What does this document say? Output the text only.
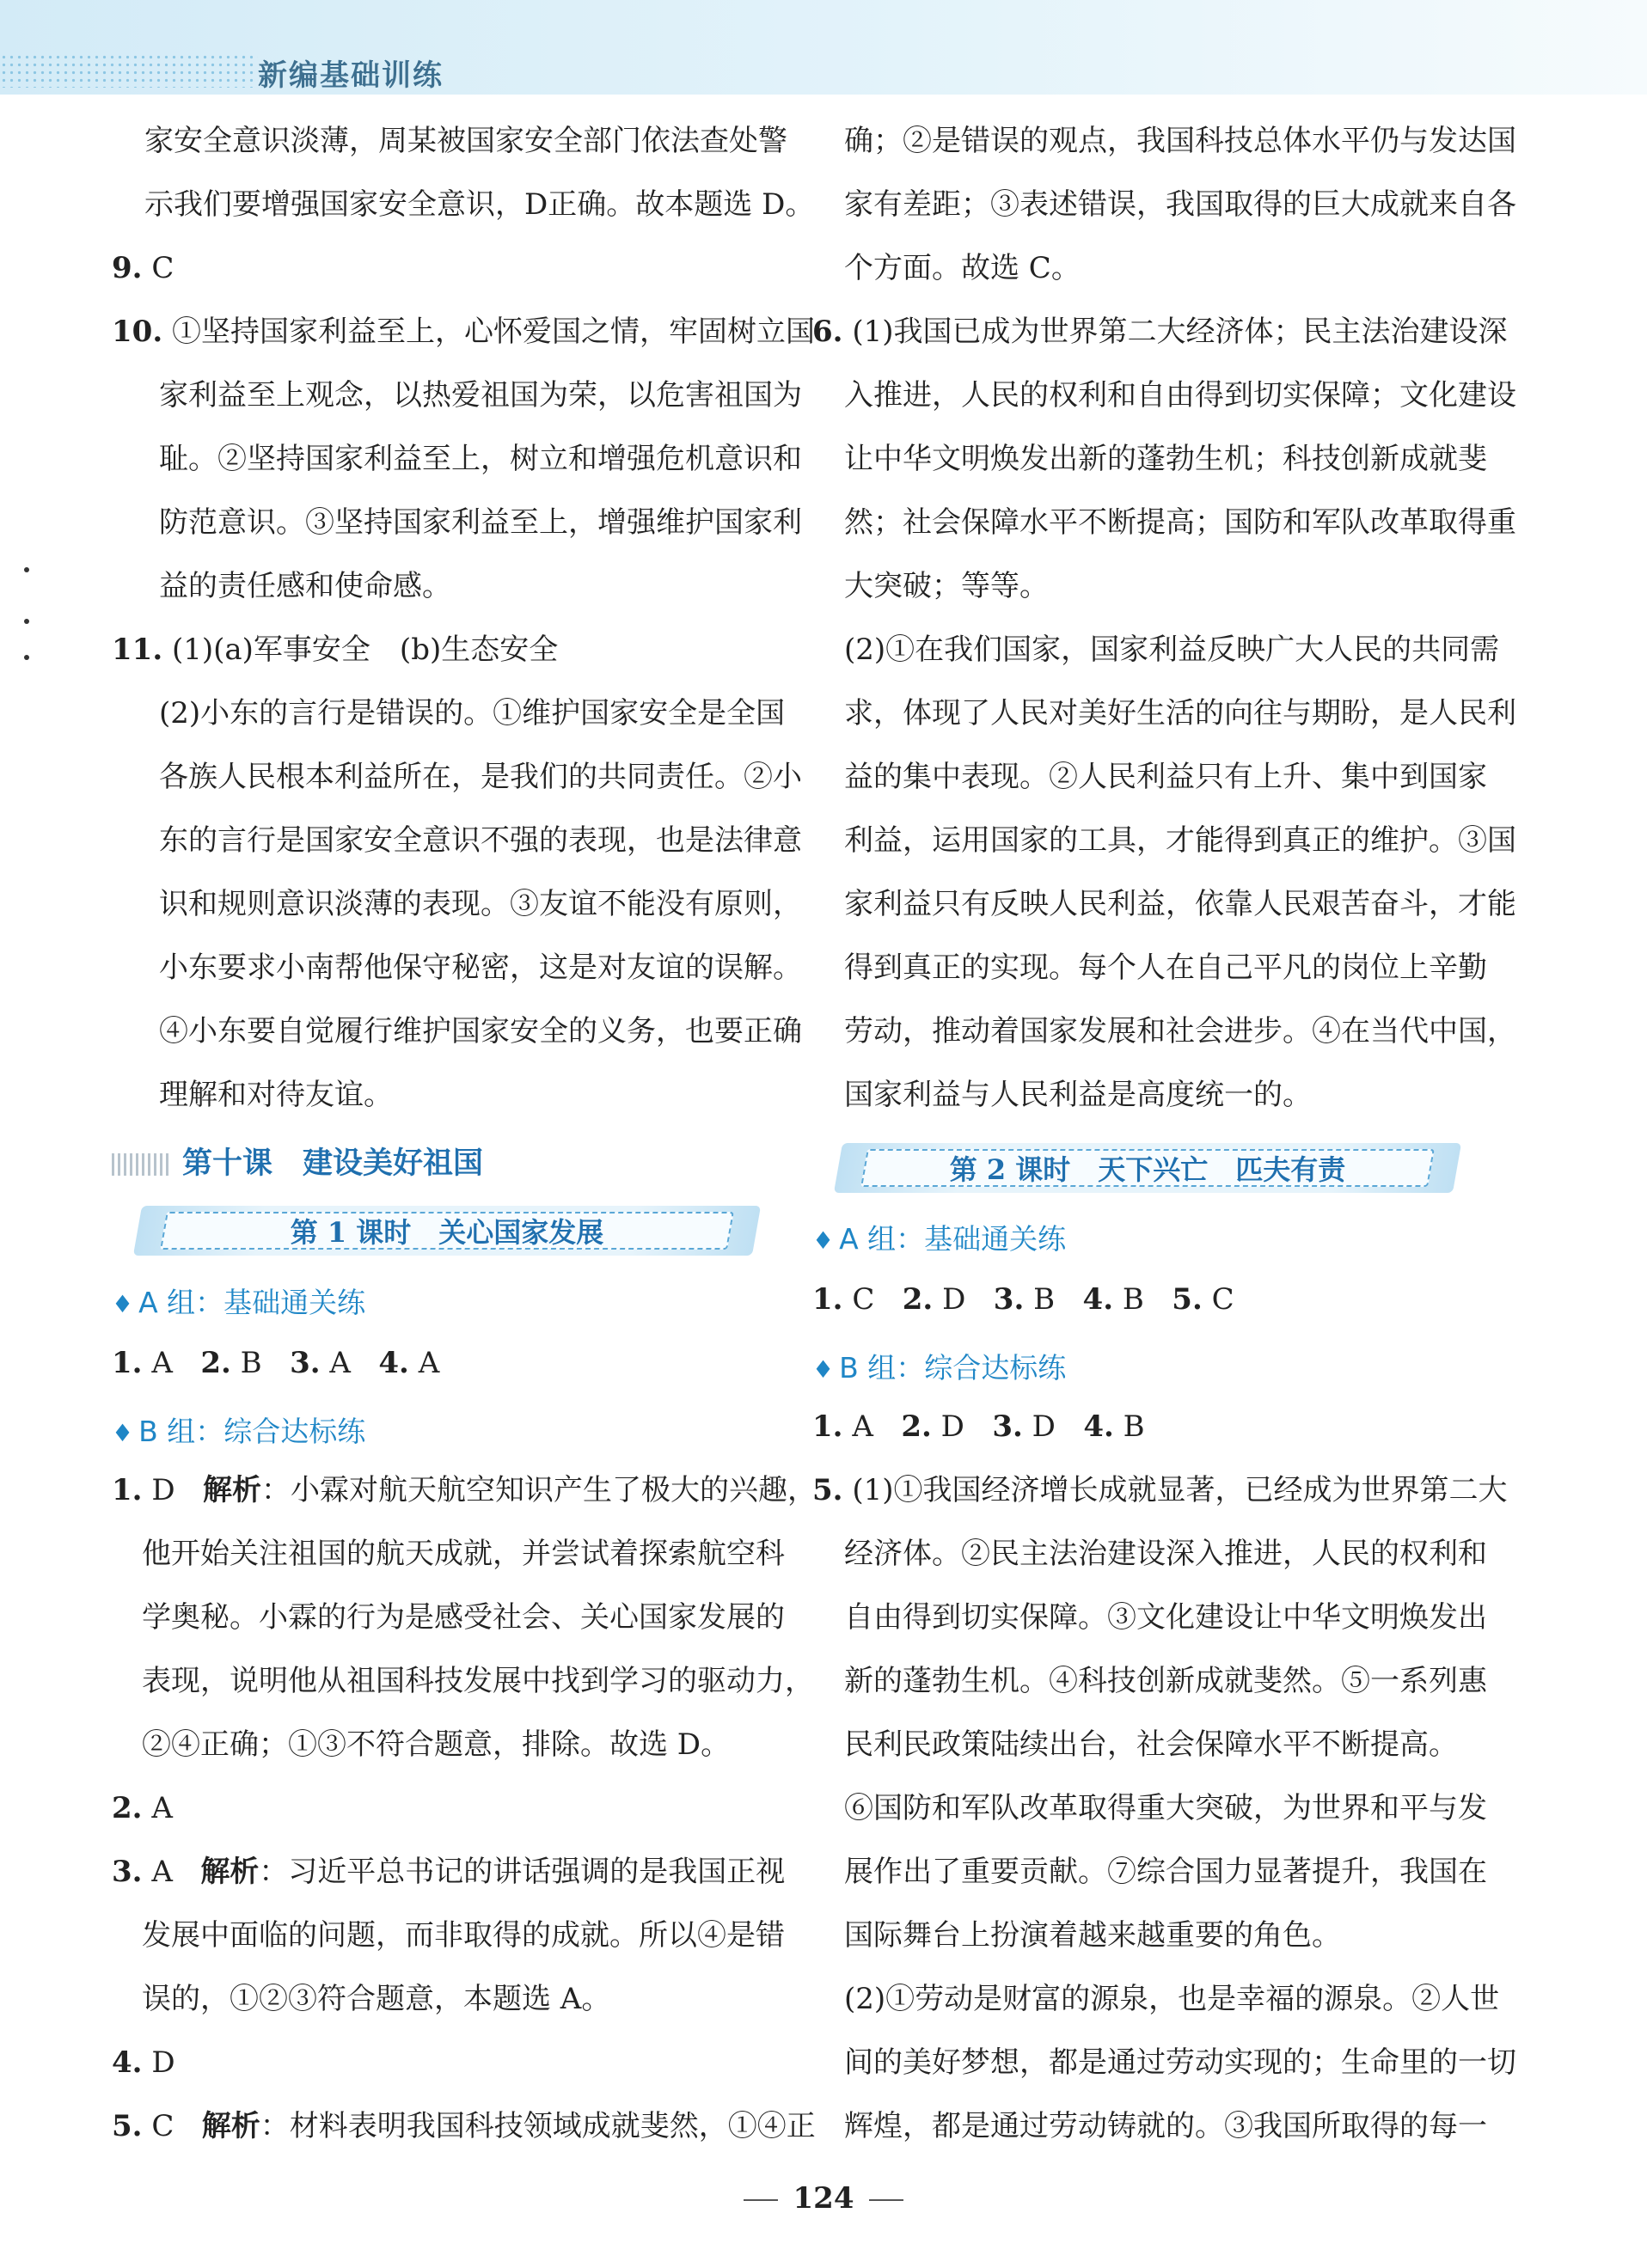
新编基础训练
家安全意识淡薄，周某被国家安全部门依法查处警
示我们要增强国家安全意识，D正确。故本题选 D。
9. C
10. ①坚持国家利益至上，心怀爱国之情，牢固树立国
家利益至上观念，以热爱祖国为荣，以危害祖国为
耻。②坚持国家利益至上，树立和增强危机意识和
防范意识。③坚持国家利益至上，增强维护国家利
益的责任感和使命感。
11. (1)(a)军事安全　(b)生态安全
(2)小东的言行是错误的。①维护国家安全是全国
各族人民根本利益所在，是我们的共同责任。②小
东的言行是国家安全意识不强的表现，也是法律意
识和规则意识淡薄的表现。③友谊不能没有原则，
小东要求小南帮他保守秘密，这是对友谊的误解。
④小东要自觉履行维护国家安全的义务，也要正确
理解和对待友谊。
第十课　建设美好祖国
第 1 课时　关心国家发展
♦ A 组：基础通关练
1. A 2. B 3. A 4. A
♦ B 组：综合达标练
1. D 解析：小霖对航天航空知识产生了极大的兴趣，
他开始关注祖国的航天成就，并尝试着探索航空科
学奥秘。小霖的行为是感受社会、关心国家发展的
表现，说明他从祖国科技发展中找到学习的驱动力，
②④正确；①③不符合题意，排除。故选 D。
2. A
3. A 解析：习近平总书记的讲话强调的是我国正视
发展中面临的问题，而非取得的成就。所以④是错
误的，①②③符合题意，本题选 A。
4. D
5. C 解析：材料表明我国科技领域成就斐然，①④正
确；②是错误的观点，我国科技总体水平仍与发达国
家有差距；③表述错误，我国取得的巨大成就来自各
个方面。故选 C。
6. (1)我国已成为世界第二大经济体；民主法治建设深
入推进，人民的权利和自由得到切实保障；文化建设
让中华文明焕发出新的蓬勃生机；科技创新成就斐
然；社会保障水平不断提高；国防和军队改革取得重
大突破；等等。
(2)①在我们国家，国家利益反映广大人民的共同需
求，体现了人民对美好生活的向往与期盼，是人民利
益的集中表现。②人民利益只有上升、集中到国家
利益，运用国家的工具，才能得到真正的维护。③国
家利益只有反映人民利益，依靠人民艰苦奋斗，才能
得到真正的实现。每个人在自己平凡的岗位上辛勤
劳动，推动着国家发展和社会进步。④在当代中国，
国家利益与人民利益是高度统一的。
第 2 课时　天下兴亡　匹夫有责
♦ A 组：基础通关练
1. C 2. D 3. B 4. B 5. C
♦ B 组：综合达标练
1. A 2. D 3. D 4. B
5. (1)①我国经济增长成就显著，已经成为世界第二大
经济体。②民主法治建设深入推进，人民的权利和
自由得到切实保障。③文化建设让中华文明焕发出
新的蓬勃生机。④科技创新成就斐然。⑤一系列惠
民利民政策陆续出台，社会保障水平不断提高。
⑥国防和军队改革取得重大突破，为世界和平与发
展作出了重要贡献。⑦综合国力显著提升，我国在
国际舞台上扮演着越来越重要的角色。
(2)①劳动是财富的源泉，也是幸福的源泉。②人世
间的美好梦想，都是通过劳动实现的；生命里的一切
辉煌，都是通过劳动铸就的。③我国所取得的每一
124
